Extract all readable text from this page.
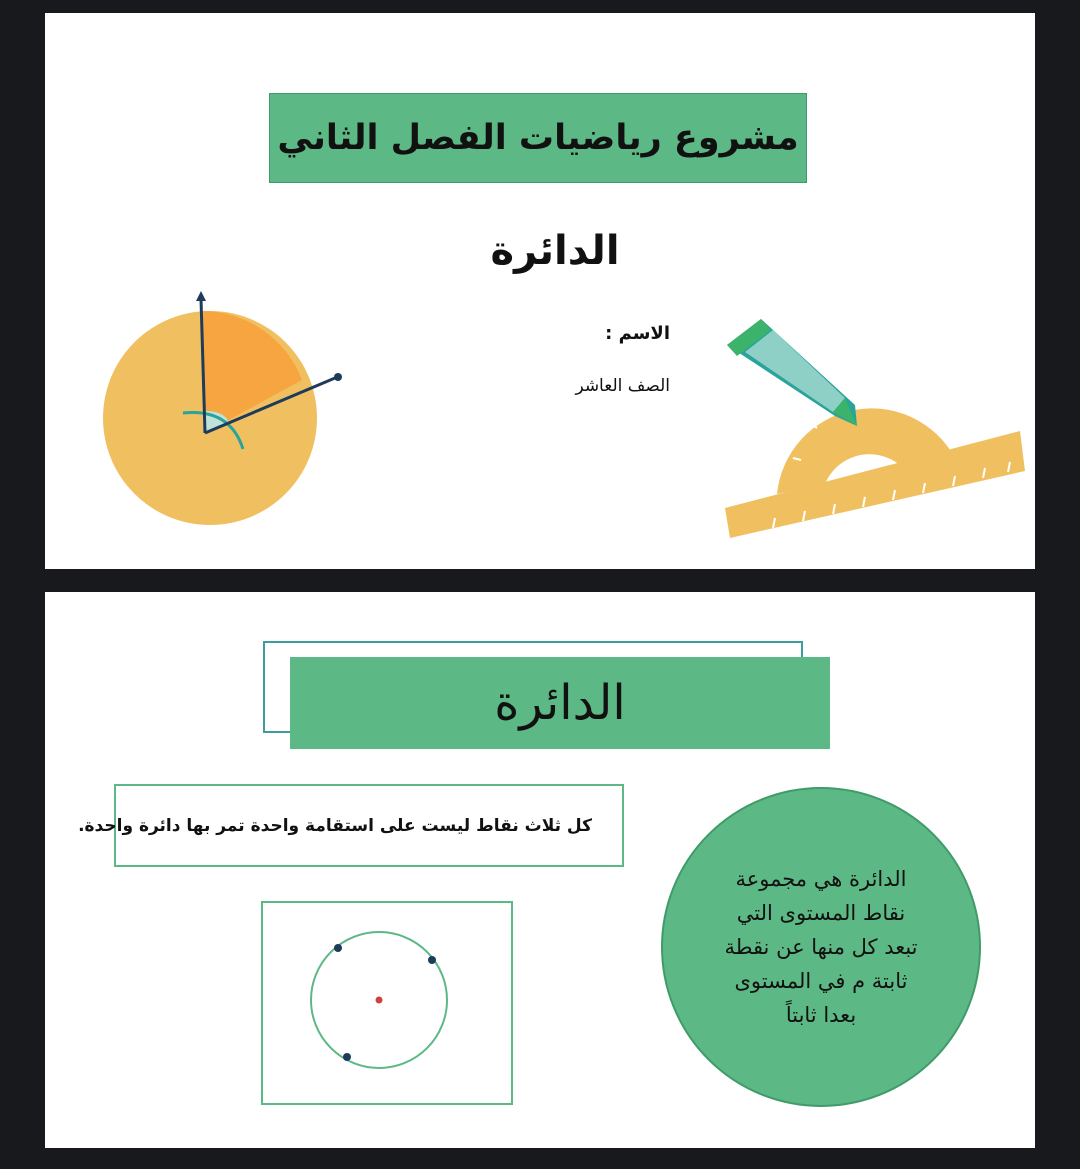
مشروع رياضيات الفصل الثاني
الدائرة
الاسم :
الصف العاشر
الدائرة
كل ثلاث نقاط ليست على استقامة واحدة تمر بها دائرة واحدة.
الدائرة هي مجموعة نقاط المستوى التي تبعد كل منها عن نقطة ثابتة م في المستوى بعدا ثابتاً
